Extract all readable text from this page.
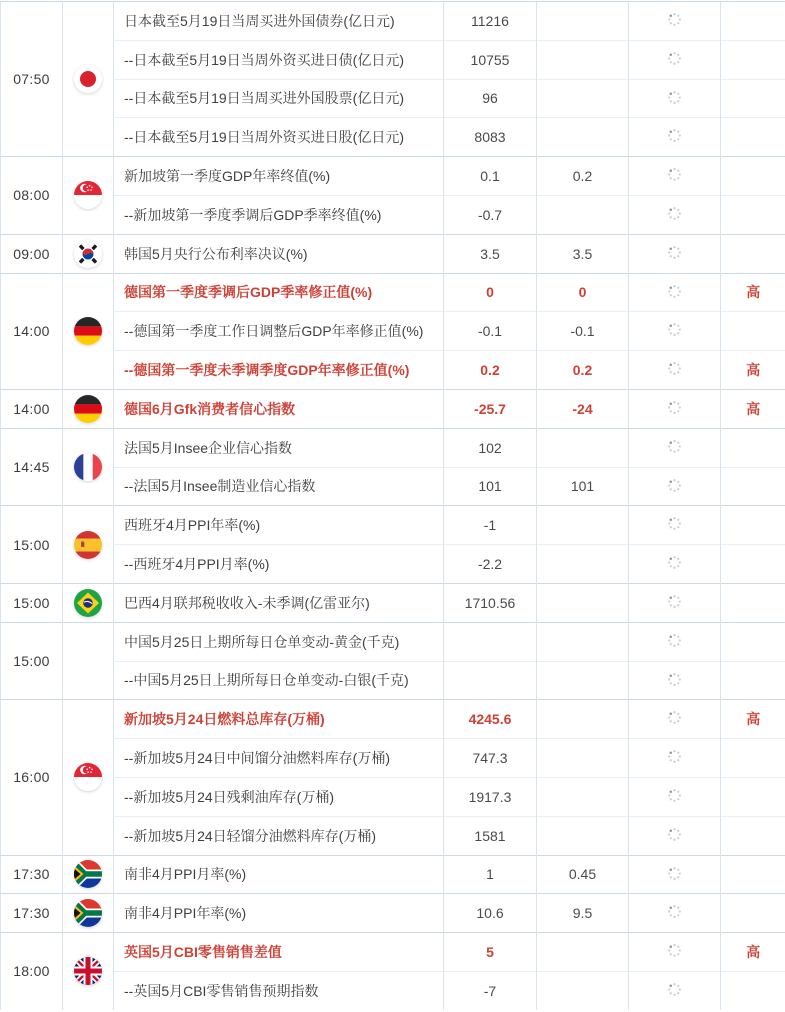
07:50		日本截至5月19日当周买进外国债券(亿日元)	11216			
		--日本截至5月19日当周外资买进日债(亿日元)	10755			
		--日本截至5月19日当周买进外国股票(亿日元)	96			
		--日本截至5月19日当周外资买进日股(亿日元)	8083			
08:00		新加坡第一季度GDP年率终值(%)	0.1	0.2		
		--新加坡第一季度季调后GDP季率终值(%)	-0.7			
09:00		韩国5月央行公布利率决议(%)	3.5	3.5		
14:00		德国第一季度季调后GDP季率修正值(%)	0	0		高
		--德国第一季度工作日调整后GDP年率修正值(%)	-0.1	-0.1		
		--德国第一季度未季调季度GDP年率修正值(%)	0.2	0.2		高
14:00		德国6月Gfk消费者信心指数	-25.7	-24		高
14:45		法国5月Insee企业信心指数	102			
		--法国5月Insee制造业信心指数	101	101		
15:00		西班牙4月PPI年率(%)	-1			
		--西班牙4月PPI月率(%)	-2.2			
15:00		巴西4月联邦税收收入-未季调(亿雷亚尔)	1710.56			
15:00		中国5月25日上期所每日仓单变动-黄金(千克)				
		--中国5月25日上期所每日仓单变动-白银(千克)				
16:00		新加坡5月24日燃料总库存(万桶)	4245.6			高
		--新加坡5月24日中间馏分油燃料库存(万桶)	747.3			
		--新加坡5月24日残剩油库存(万桶)	1917.3			
		--新加坡5月24日轻馏分油燃料库存(万桶)	1581			
17:30		南非4月PPI月率(%)	1	0.45		
17:30		南非4月PPI年率(%)	10.6	9.5		
18:00		英国5月CBI零售销售差值	5			高
		--英国5月CBI零售销售预期指数	-7			
